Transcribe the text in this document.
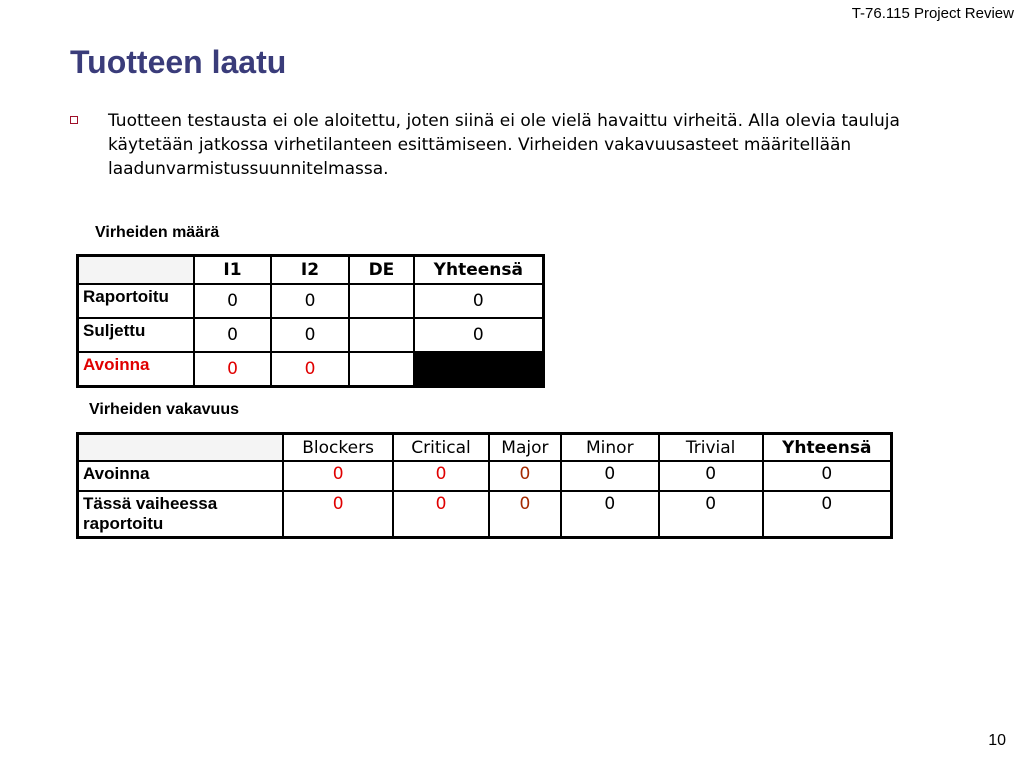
T-76.115 Project Review
Tuotteen laatu
Tuotteen testausta ei ole aloitettu, joten siinä ei ole vielä havaittu virheitä. Alla olevia tauluja käytetään jatkossa virhetilanteen esittämiseen. Virheiden vakavuusasteet määritellään laadunvarmistussuunnitelmassa.
Virheiden määrä
	I1	I2	DE	Yhteensä
Raportoitu	0	0		0
Suljettu	0	0		0
Avoinna	0	0		
Virheiden vakavuus
	Blockers	Critical	Major	Minor	Trivial	Yhteensä
Avoinna	0	0	0	0	0	0
Tässä vaiheessa raportoitu	0	0	0	0	0	0
10
